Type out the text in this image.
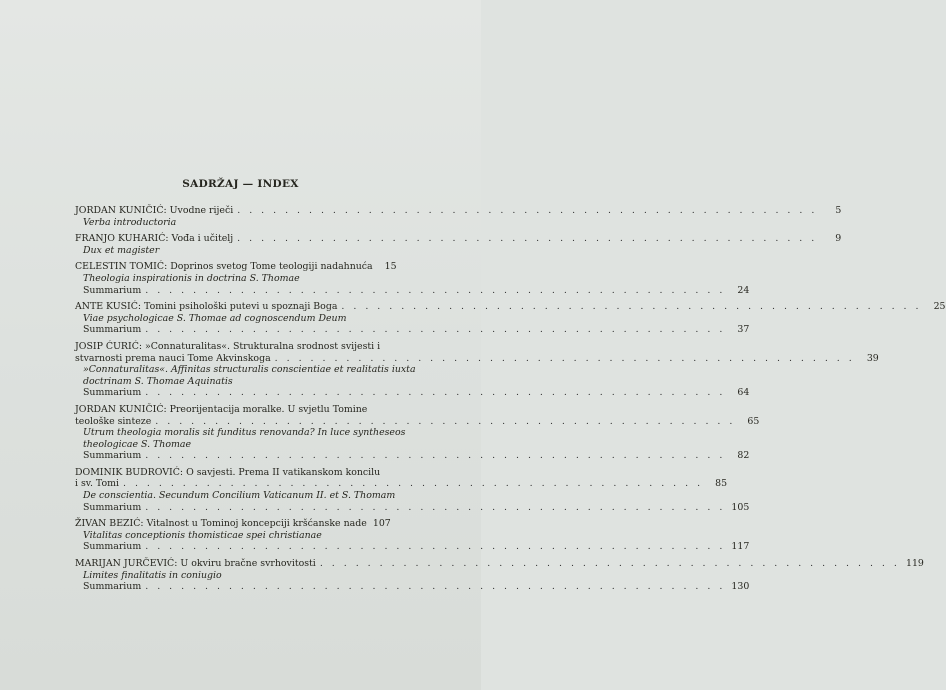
SADRŽAJ — INDEX
JORDAN KUNIČIĆ: Uvodne riječi . . .	5
Verba introductoria
FRANJO KUHARIĆ: Vođa i učitelj . . .	9
Dux et magister
CELESTIN TOMIĆ: Doprinos svetog Tome teologiji nadahnuća	15
Theologia inspirationis in doctrina S. Thomae
Summarium . . .	24
ANTE KUSIĆ: Tomini psihološki putevi u spoznaji Boga . . .	25
Viae psychologicae S. Thomae ad cognoscendum Deum
Summarium . . .	37
JOSIP ĆURIĆ: »Connaturalitas«. Strukturalna srodnost svijesti i
stvarnosti prema nauci Tome Akvinskoga . . .	39
»Connaturalitas«. Affinitas structuralis conscientiae et realitatis iuxta doctrinam S. Thomae Aquinatis
Summarium . . .	64
JORDAN KUNIČIĆ: Preorijentacija moralke. U svjetlu Tomine
teološke sinteze . . .	65
Utrum theologia moralis sit funditus renovanda? In luce syntheseos theologicae S. Thomae
Summarium . . .	82
DOMINIK BUDROVIĆ: O savjesti. Prema II vatikanskom koncilu
i sv. Tomi . . .	85
De conscientia. Secundum Concilium Vaticanum II. et S. Thomam
Summarium . . .	105
ŽIVAN BEZIĆ: Vitalnost u Tominoj koncepciji kršćanske nade 107
Vitalitas conceptionis thomisticae spei christianae
Summarium . . .	117
MARIJAN JURČEVIĆ: U okviru bračne svrhovitosti . . .	119
Limites finalitatis in coniugio
Summarium . . .	130
